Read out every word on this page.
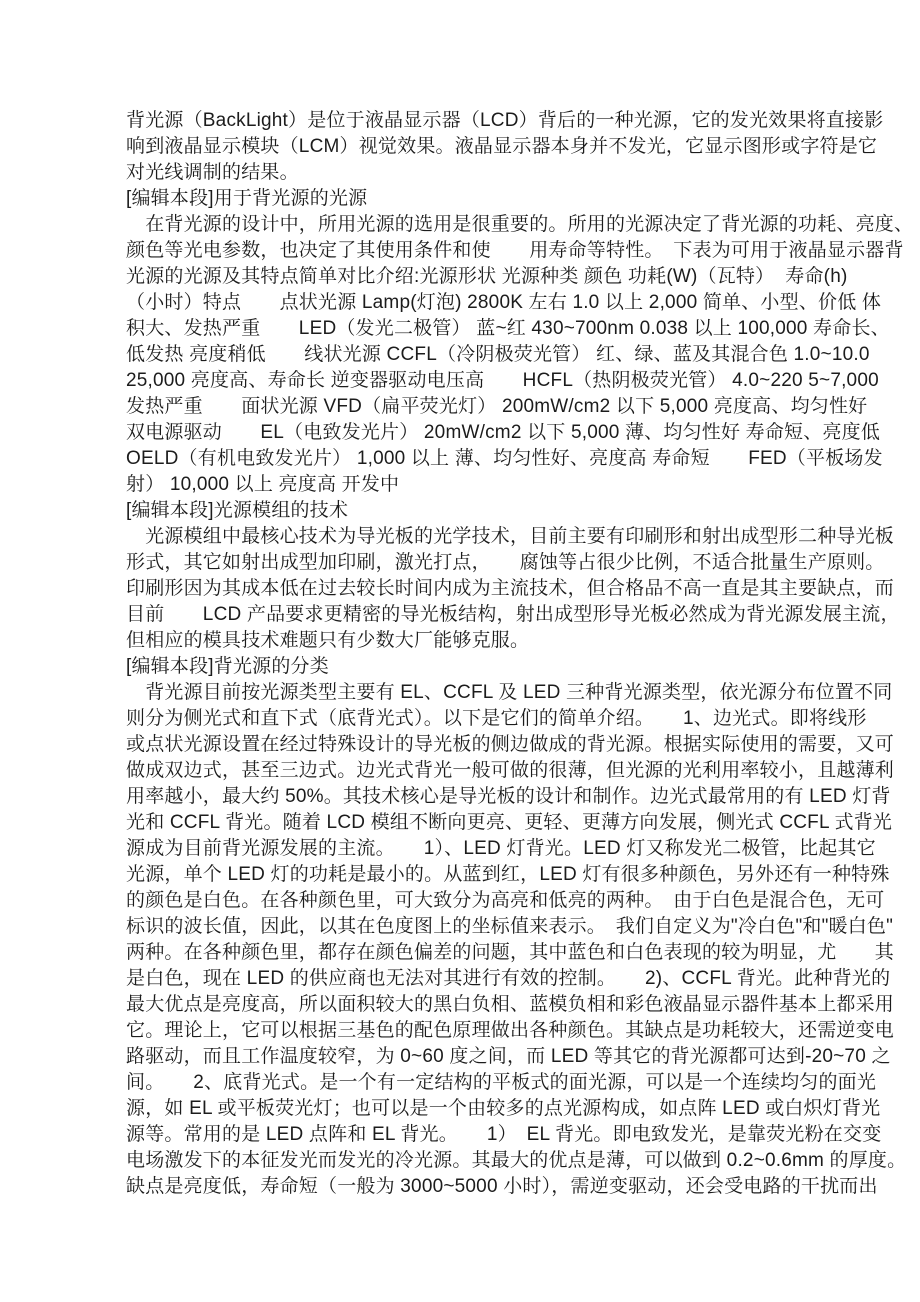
背光源（BackLight）是位于液晶显示器（LCD）背后的一种光源，它的发光效果将直接影
响到液晶显示模块（LCM）视觉效果。液晶显示器本身并不发光，它显示图形或字符是它
对光线调制的结果。
[编辑本段]用于背光源的光源
　在背光源的设计中，所用光源的选用是很重要的。所用的光源决定了背光源的功耗、亮度、
颜色等光电参数，也决定了其使用条件和使　　用寿命等特性。　下表为可用于液晶显示器背
光源的光源及其特点简单对比介绍:光源形状 光源种类 颜色 功耗(W)（瓦特）  寿命(h)
（小时）特点　　点状光源 Lamp(灯泡) 2800K 左右 1.0 以上 2,000 简单、小型、价低 体
积大、发热严重　　LED（发光二极管） 蓝~红 430~700nm 0.038 以上 100,000 寿命长、
低发热 亮度稍低　　线状光源 CCFL（冷阴极荧光管） 红、绿、蓝及其混合色 1.0~10.0
25,000 亮度高、寿命长 逆变器驱动电压高　　HCFL（热阴极荧光管） 4.0~220 5~7,000
发热严重　　面状光源 VFD（扁平荧光灯） 200mW/cm2 以下 5,000 亮度高、均匀性好
双电源驱动　　EL（电致发光片） 20mW/cm2 以下 5,000 薄、均匀性好 寿命短、亮度低
OELD（有机电致发光片） 1,000 以上 薄、均匀性好、亮度高 寿命短　　FED（平板场发
射） 10,000 以上 亮度高 开发中
[编辑本段]光源模组的技术
　光源模组中最核心技术为导光板的光学技术，目前主要有印刷形和射出成型形二种导光板
形式，其它如射出成型加印刷，激光打点，　　腐蚀等占很少比例，不适合批量生产原则。
印刷形因为其成本低在过去较长时间内成为主流技术，但合格品不高一直是其主要缺点，而
目前　　LCD 产品要求更精密的导光板结构，射出成型形导光板必然成为背光源发展主流，
但相应的模具技术难题只有少数大厂能够克服。
[编辑本段]背光源的分类
　背光源目前按光源类型主要有 EL、CCFL 及 LED 三种背光源类型，依光源分布位置不同
则分为侧光式和直下式（底背光式）。以下是它们的简单介绍。　　1、边光式。即将线形
或点状光源设置在经过特殊设计的导光板的侧边做成的背光源。根据实际使用的需要，又可
做成双边式，甚至三边式。边光式背光一般可做的很薄，但光源的光利用率较小，且越薄利
用率越小，最大约 50%。其技术核心是导光板的设计和制作。边光式最常用的有 LED 灯背
光和 CCFL 背光。随着 LCD 模组不断向更亮、更轻、更薄方向发展，侧光式 CCFL 式背光
源成为目前背光源发展的主流。　　1）、LED 灯背光。LED 灯又称发光二极管，比起其它
光源，单个 LED 灯的功耗是最小的。从蓝到红，LED 灯有很多种颜色，另外还有一种特殊
的颜色是白色。在各种颜色里，可大致分为高亮和低亮的两种。　由于白色是混合色，无可
标识的波长值，因此，以其在色度图上的坐标值来表示。　我们自定义为"冷白色"和"暖白色"
两种。在各种颜色里，都存在颜色偏差的问题，其中蓝色和白色表现的较为明显，尤　　其
是白色，现在 LED 的供应商也无法对其进行有效的控制。　　2)、CCFL 背光。此种背光的
最大优点是亮度高，所以面积较大的黑白负相、蓝模负相和彩色液晶显示器件基本上都采用
它。理论上，它可以根据三基色的配色原理做出各种颜色。其缺点是功耗较大，还需逆变电
路驱动，而且工作温度较窄，为 0~60 度之间，而 LED 等其它的背光源都可达到-20~70 之
间。　　2、底背光式。是一个有一定结构的平板式的面光源，可以是一个连续均匀的面光
源，如 EL 或平板荧光灯；也可以是一个由较多的点光源构成，如点阵 LED 或白炽灯背光
源等。常用的是 LED 点阵和 EL 背光。　　1）　EL 背光。即电致发光，是靠荧光粉在交变
电场激发下的本征发光而发光的冷光源。其最大的优点是薄，可以做到 0.2~0.6mm 的厚度。
缺点是亮度低，寿命短（一般为 3000~5000 小时），需逆变驱动，还会受电路的干扰而出
